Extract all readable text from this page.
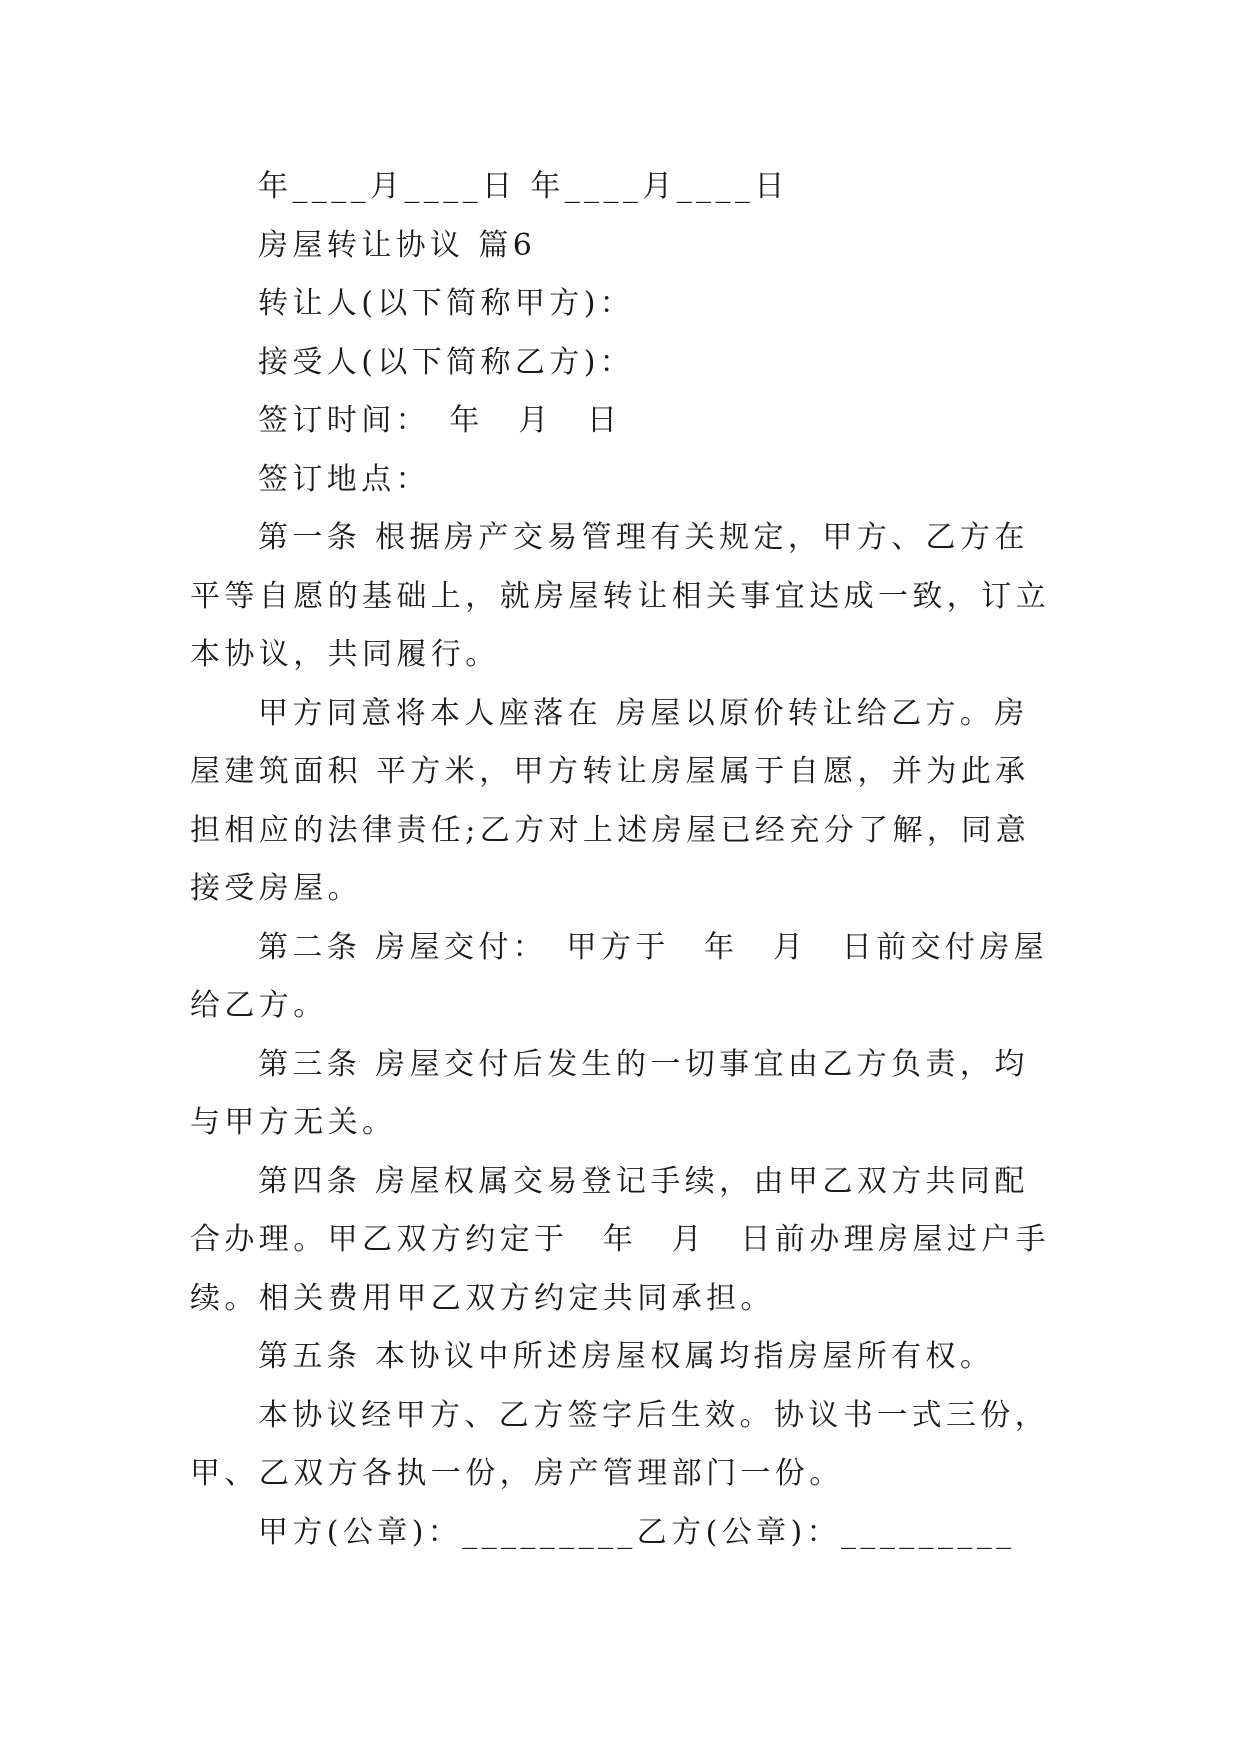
年____月____日 年____月____日

房屋转让协议 篇6

转让人(以下简称甲方)：

接受人(以下简称乙方)：

签订时间：　年　月　日

签订地点：

第一条 根据房产交易管理有关规定，甲方、乙方在平等自愿的基础上，就房屋转让相关事宜达成一致，订立本协议，共同履行。

甲方同意将本人座落在 房屋以原价转让给乙方。房屋建筑面积 平方米，甲方转让房屋属于自愿，并为此承担相应的法律责任;乙方对上述房屋已经充分了解，同意接受房屋。

第二条 房屋交付：　甲方于　年　月　日前交付房屋给乙方。

第三条 房屋交付后发生的一切事宜由乙方负责，均与甲方无关。

第四条 房屋权属交易登记手续，由甲乙双方共同配合办理。甲乙双方约定于　年　月　日前办理房屋过户手续。相关费用甲乙双方约定共同承担。

第五条 本协议中所述房屋权属均指房屋所有权。

本协议经甲方、乙方签字后生效。协议书一式三份，甲、乙双方各执一份，房产管理部门一份。

甲方(公章)：_________乙方(公章)：_________
